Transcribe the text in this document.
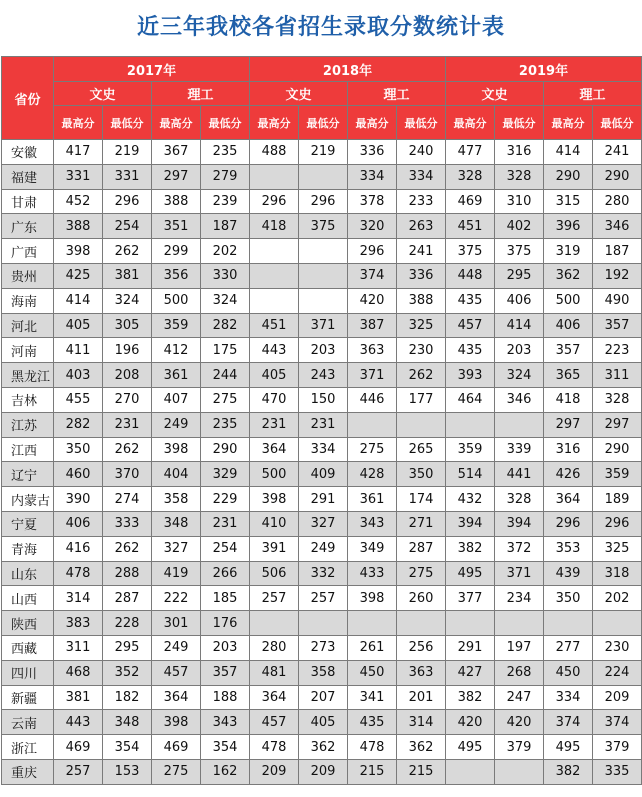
近三年我校各省招生录取分数统计表
省份	2017年				2018年				2019年			
	文史		理工		文史		理工		文史		理工	
	最高分	最低分	最高分	最低分	最高分	最低分	最高分	最低分	最高分	最低分	最高分	最低分
安徽	417	219	367	235	488	219	336	240	477	316	414	241
福建	331	331	297	279			334	334	328	328	290	290
甘肃	452	296	388	239	296	296	378	233	469	310	315	280
广东	388	254	351	187	418	375	320	263	451	402	396	346
广西	398	262	299	202			296	241	375	375	319	187
贵州	425	381	356	330			374	336	448	295	362	192
海南	414	324	500	324			420	388	435	406	500	490
河北	405	305	359	282	451	371	387	325	457	414	406	357
河南	411	196	412	175	443	203	363	230	435	203	357	223
黑龙江	403	208	361	244	405	243	371	262	393	324	365	311
吉林	455	270	407	275	470	150	446	177	464	346	418	328
江苏	282	231	249	235	231	231					297	297
江西	350	262	398	290	364	334	275	265	359	339	316	290
辽宁	460	370	404	329	500	409	428	350	514	441	426	359
内蒙古	390	274	358	229	398	291	361	174	432	328	364	189
宁夏	406	333	348	231	410	327	343	271	394	394	296	296
青海	416	262	327	254	391	249	349	287	382	372	353	325
山东	478	288	419	266	506	332	433	275	495	371	439	318
山西	314	287	222	185	257	257	398	260	377	234	350	202
陕西	383	228	301	176								
西藏	311	295	249	203	280	273	261	256	291	197	277	230
四川	468	352	457	357	481	358	450	363	427	268	450	224
新疆	381	182	364	188	364	207	341	201	382	247	334	209
云南	443	348	398	343	457	405	435	314	420	420	374	374
浙江	469	354	469	354	478	362	478	362	495	379	495	379
重庆	257	153	275	162	209	209	215	215			382	335
